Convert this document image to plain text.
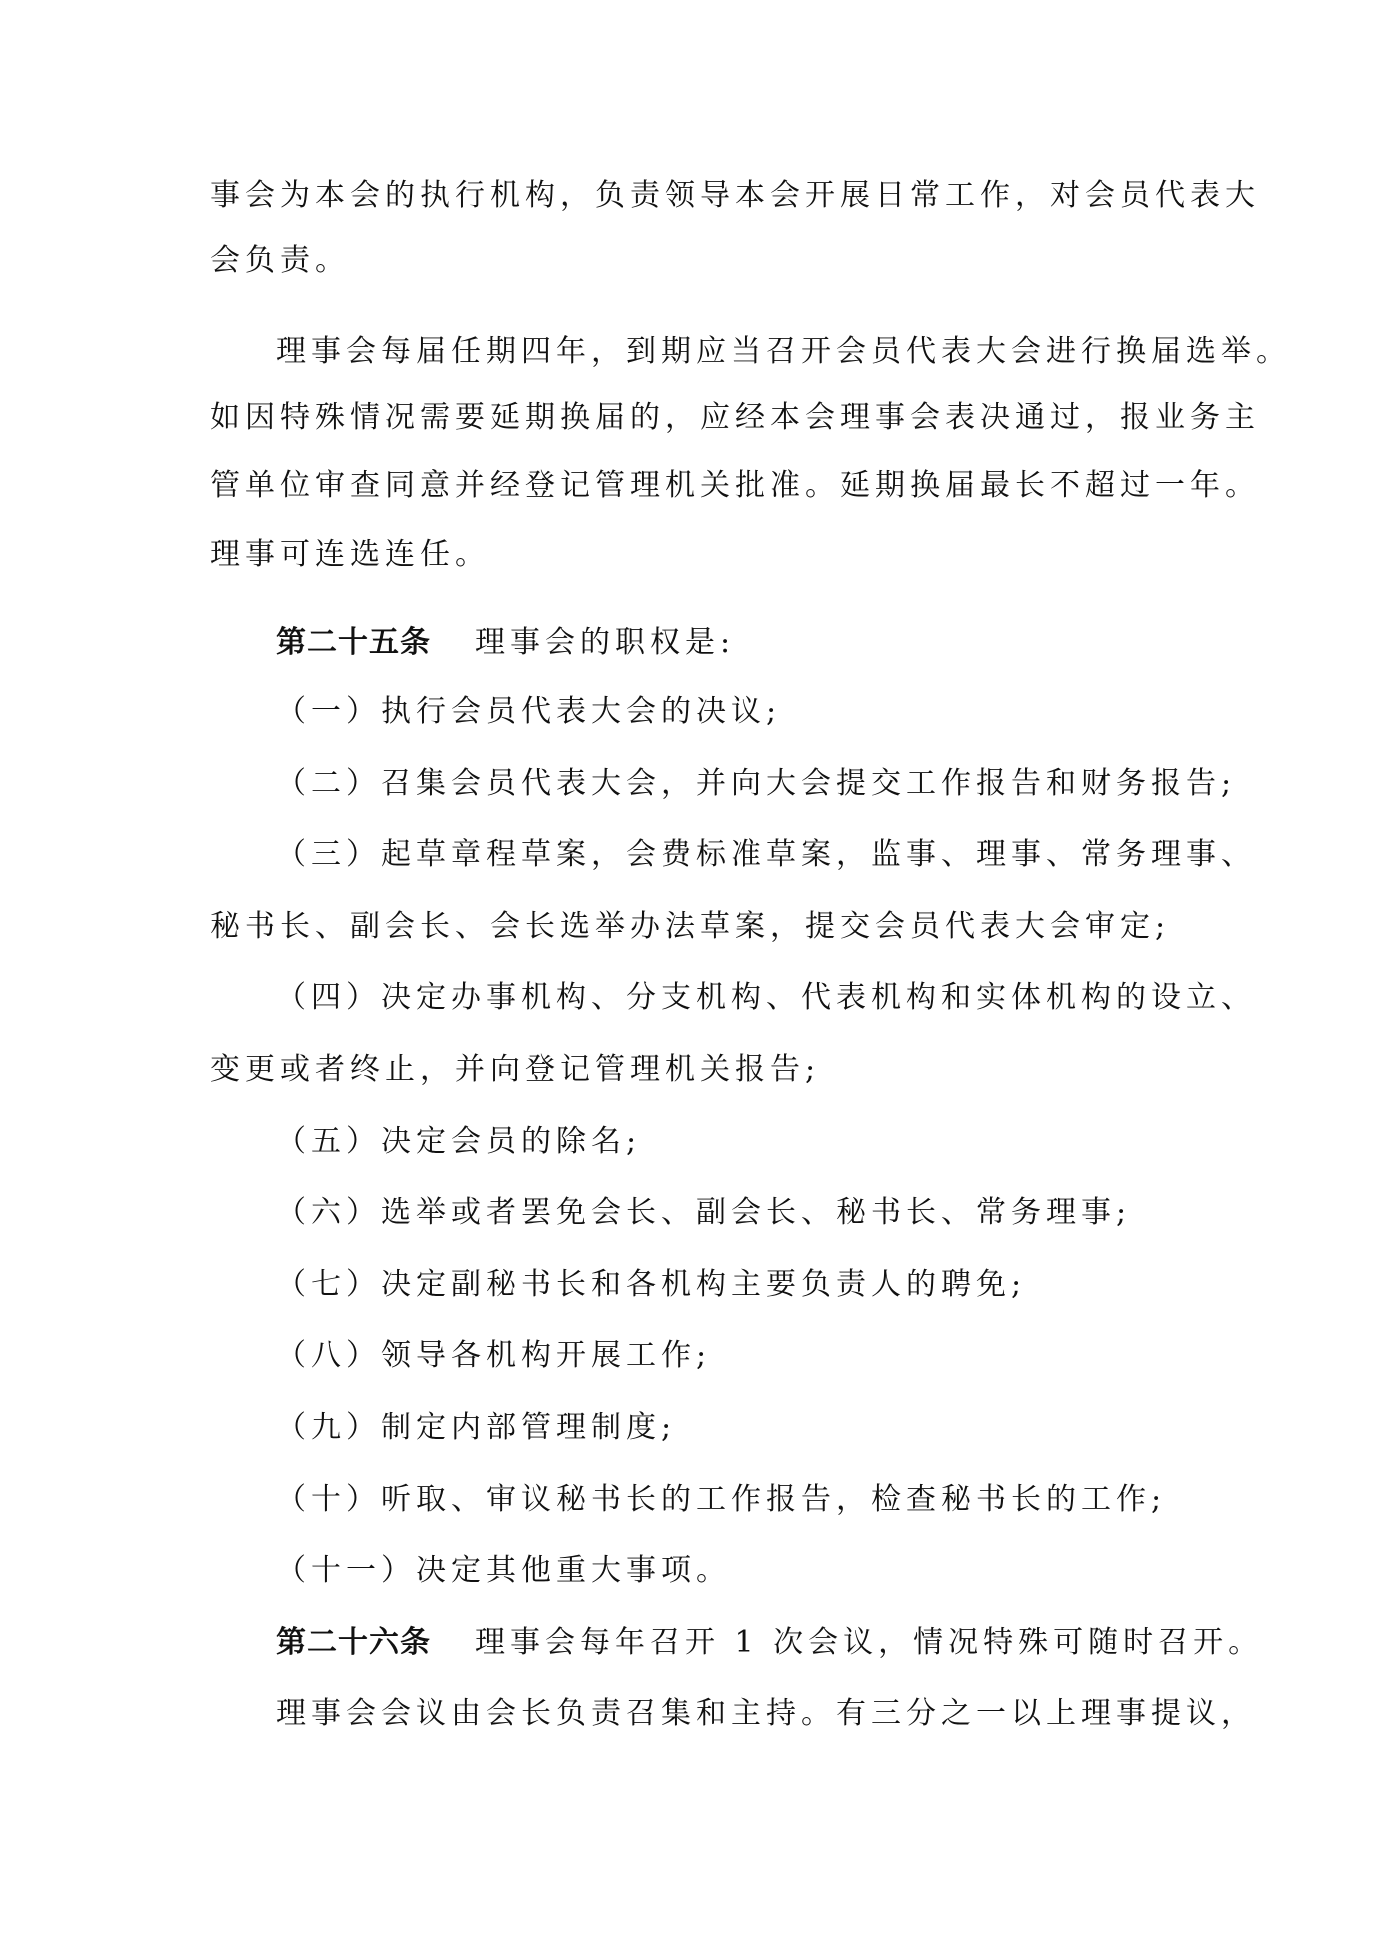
事会为本会的执行机构，负责领导本会开展日常工作，对会员代表大
会负责。
理事会每届任期四年，到期应当召开会员代表大会进行换届选举。
如因特殊情况需要延期换届的，应经本会理事会表决通过，报业务主
管单位审查同意并经登记管理机关批准。延期换届最长不超过一年。
理事可连选连任。
第二十五条 理事会的职权是:
（一）执行会员代表大会的决议;
（二）召集会员代表大会，并向大会提交工作报告和财务报告;
（三）起草章程草案，会费标准草案，监事、理事、常务理事、
秘书长、副会长、会长选举办法草案，提交会员代表大会审定;
（四）决定办事机构、分支机构、代表机构和实体机构的设立、
变更或者终止，并向登记管理机关报告;
（五）决定会员的除名;
（六）选举或者罢免会长、副会长、秘书长、常务理事;
（七）决定副秘书长和各机构主要负责人的聘免;
（八）领导各机构开展工作;
（九）制定内部管理制度;
（十）听取、审议秘书长的工作报告，检查秘书长的工作;
（十一）决定其他重大事项。
第二十六条 理事会每年召开 1 次会议，情况特殊可随时召开。
理事会会议由会长负责召集和主持。有三分之一以上理事提议，
